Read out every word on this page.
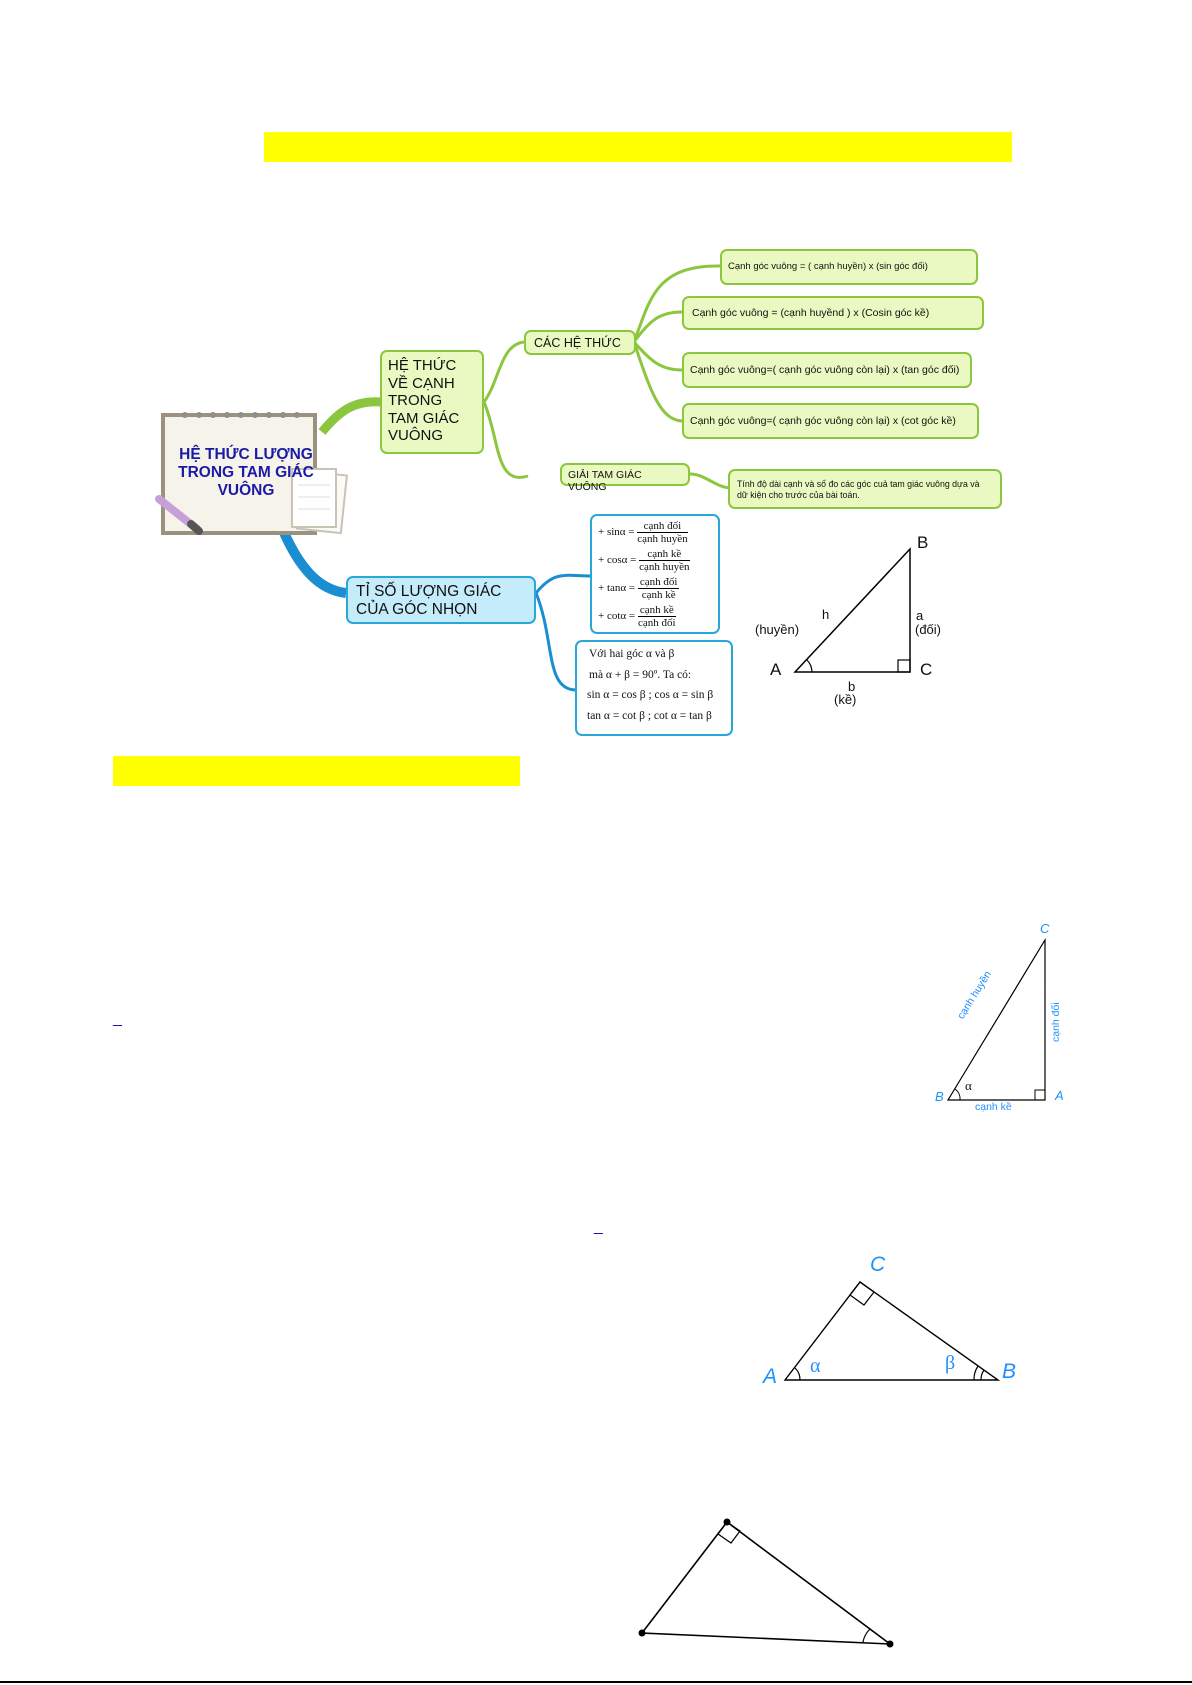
HỆ THỨC LƯỢNG
TRONG TAM GIÁC
VUÔNG
HỆ THỨC
VỀ CẠNH
TRONG
TAM GIÁC
VUÔNG
CÁC HỆ THỨC
Cạnh góc vuông = ( cạnh huyền) x (sin góc đối)
Cạnh góc vuông = (cạnh huyềnd ) x (Cosin góc kề)
Cạnh góc vuông=( cạnh góc vuông còn lại) x (tan góc đối)
Cạnh góc vuông=( cạnh góc vuông còn lại) x (cot góc kề)
GIẢI TAM GIÁC VUÔNG	Tính độ dài cạnh và số đo các góc cuả tam giác vuông dựa và
dữ kiện cho trước của bài toán.
TỈ SỐ LƯỢNG GIÁC
CỦA GÓC NHỌN
+ sinα =
cạnh đối
cạnh huyền
+ cosα =
cạnh kề
cạnh huyền
+ tanα =
cạnh đối
cạnh kề
+ cotα =
cạnh kề
cạnh đối
Với hai góc α và β
mà α + β = 90º. Ta có:
sin α = cos β ; cos α = sin β
tan α = cot β ; cot α = tan β
B
A	C
h
(huyền)
a
(đối)
b
(kề)
C
B	A
α
cạnh huyền
cạnh đối
cạnh kề
_
_
C
A	B
α	β
